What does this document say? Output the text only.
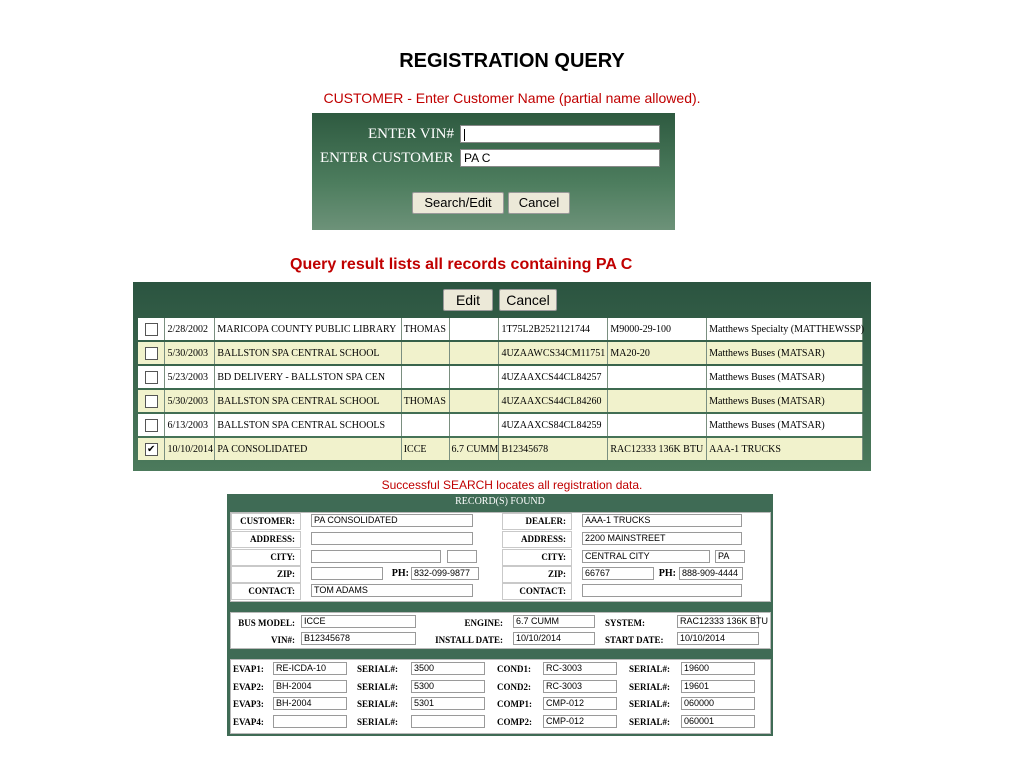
REGISTRATION QUERY
CUSTOMER - Enter Customer Name (partial name allowed).
ENTER VIN#
ENTER CUSTOMER PA C
Search/Edit	Cancel
Query result lists all records containing PA C
Edit	Cancel
	2/28/2002	MARICOPA COUNTY PUBLIC LIBRARY	THOMAS		1T75L2B2521121744	M9000-29-100	Matthews Specialty (MATTHEWSSP)
	5/30/2003	BALLSTON SPA CENTRAL SCHOOL			4UZAAWCS34CM11751	MA20-20	Matthews Buses (MATSAR)
	5/23/2003	BD DELIVERY - BALLSTON SPA CEN			4UZAAXCS44CL84257		Matthews Buses (MATSAR)
	5/30/2003	BALLSTON SPA CENTRAL SCHOOL	THOMAS		4UZAAXCS44CL84260		Matthews Buses (MATSAR)
	6/13/2003	BALLSTON SPA CENTRAL SCHOOLS			4UZAAXCS84CL84259		Matthews Buses (MATSAR)
✔	10/10/2014	PA CONSOLIDATED	ICCE	6.7 CUMM	B12345678	RAC12333 136K BTU	AAA-1 TRUCKS
Successful SEARCH locates all registration data.
RECORD(S) FOUND
CUSTOMER:	PA CONSOLIDATED
ADDRESS:
CITY:
ZIP:	PH: 832-099-9877
CONTACT:	TOM ADAMS
DEALER:	AAA-1 TRUCKS
ADDRESS:	2200 MAINSTREET
CITY:	CENTRAL CITY	PA
ZIP:	66767	PH: 888-909-4444
CONTACT:
BUS MODEL:	ICCE	ENGINE:	6.7 CUMM	SYSTEM:	RAC12333 136K BTU
VIN#:	B12345678	INSTALL DATE:	10/10/2014	START DATE:	10/10/2014
EVAP1:	RE-ICDA-10	SERIAL#:	3500	COND1:	RC-3003	SERIAL#:	19600
EVAP2:	BH-2004	SERIAL#:	5300	COND2:	RC-3003	SERIAL#:	19601
EVAP3:	BH-2004	SERIAL#:	5301	COMP1:	CMP-012	SERIAL#:	060000
EVAP4:	SERIAL#:	COMP2:	CMP-012	SERIAL#:	060001
